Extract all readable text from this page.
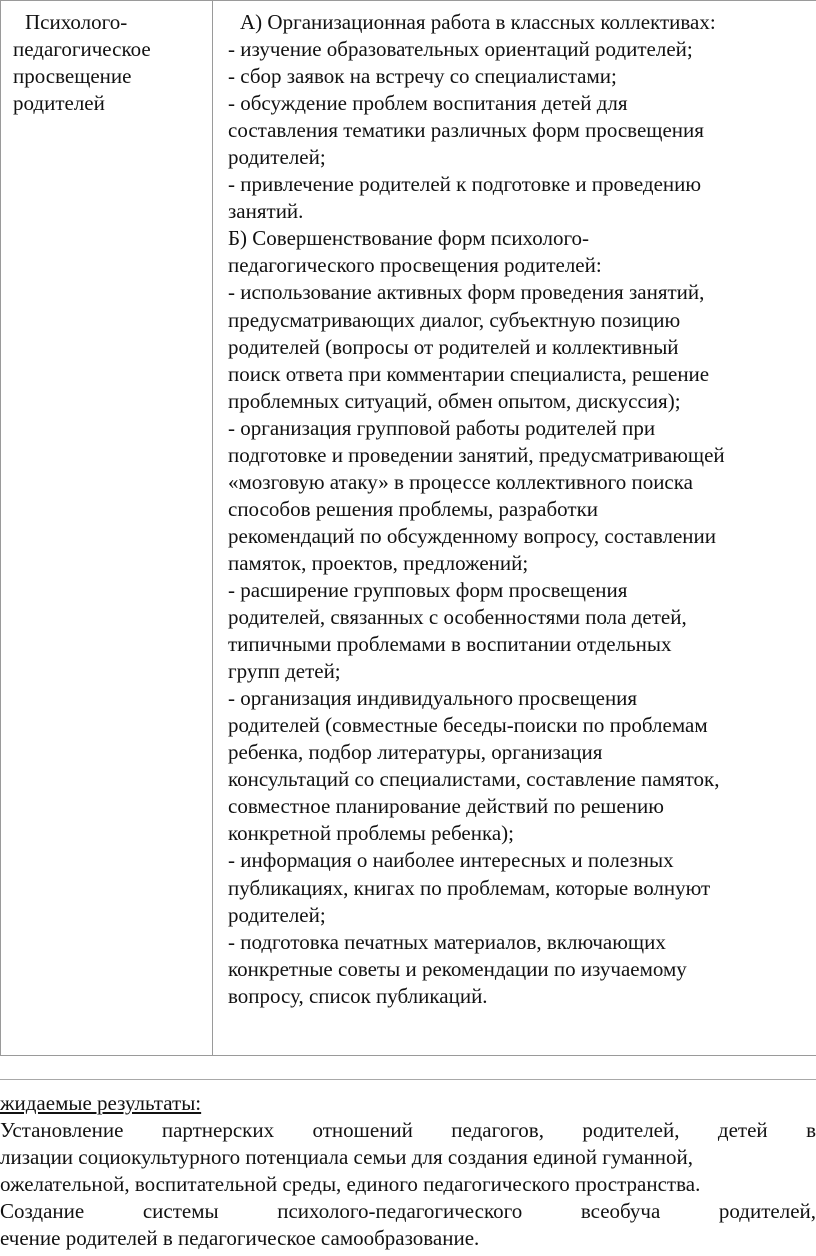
Психолого-
педагогическое
просвещение
родителей
А) Организационная работа в классных коллективах:
- изучение образовательных ориентаций родителей;
- сбор заявок на встречу со специалистами;
- обсуждение проблем воспитания детей для
составления тематики различных форм просвещения
родителей;
- привлечение родителей к подготовке и проведению
занятий.
Б) Совершенствование форм психолого-
педагогического просвещения родителей:
- использование активных форм проведения занятий,
предусматривающих диалог, субъектную позицию
родителей (вопросы от родителей и коллективный
поиск ответа при комментарии специалиста, решение
проблемных ситуаций, обмен опытом, дискуссия);
- организация групповой работы родителей при
подготовке и проведении занятий, предусматривающей
«мозговую атаку» в процессе коллективного поиска
способов решения проблемы, разработки
рекомендаций по обсужденному вопросу, составлении
памяток, проектов, предложений;
- расширение групповых форм просвещения
родителей, связанных с особенностями пола детей,
типичными проблемами в воспитании отдельных
групп детей;
- организация индивидуального просвещения
родителей (совместные беседы-поиски по проблемам
ребенка, подбор литературы, организация
консультаций со специалистами, составление памяток,
совместное планирование действий по решению
конкретной проблемы ребенка);
- информация о наиболее интересных и полезных
публикациях, книгах по проблемам, которые волнуют
родителей;
- подготовка печатных материалов, включающих
конкретные советы и рекомендации по изучаемому
вопросу, список публикаций.
жидаемые результаты:
Установление партнерских отношений педагогов, родителей, детей в
лизации социокультурного потенциала семьи для создания единой гуманной,
ожелательной, воспитательной среды, единого педагогического пространства.
Создание системы психолого-педагогического всеобуча родителей,
ечение родителей в педагогическое самообразование.
